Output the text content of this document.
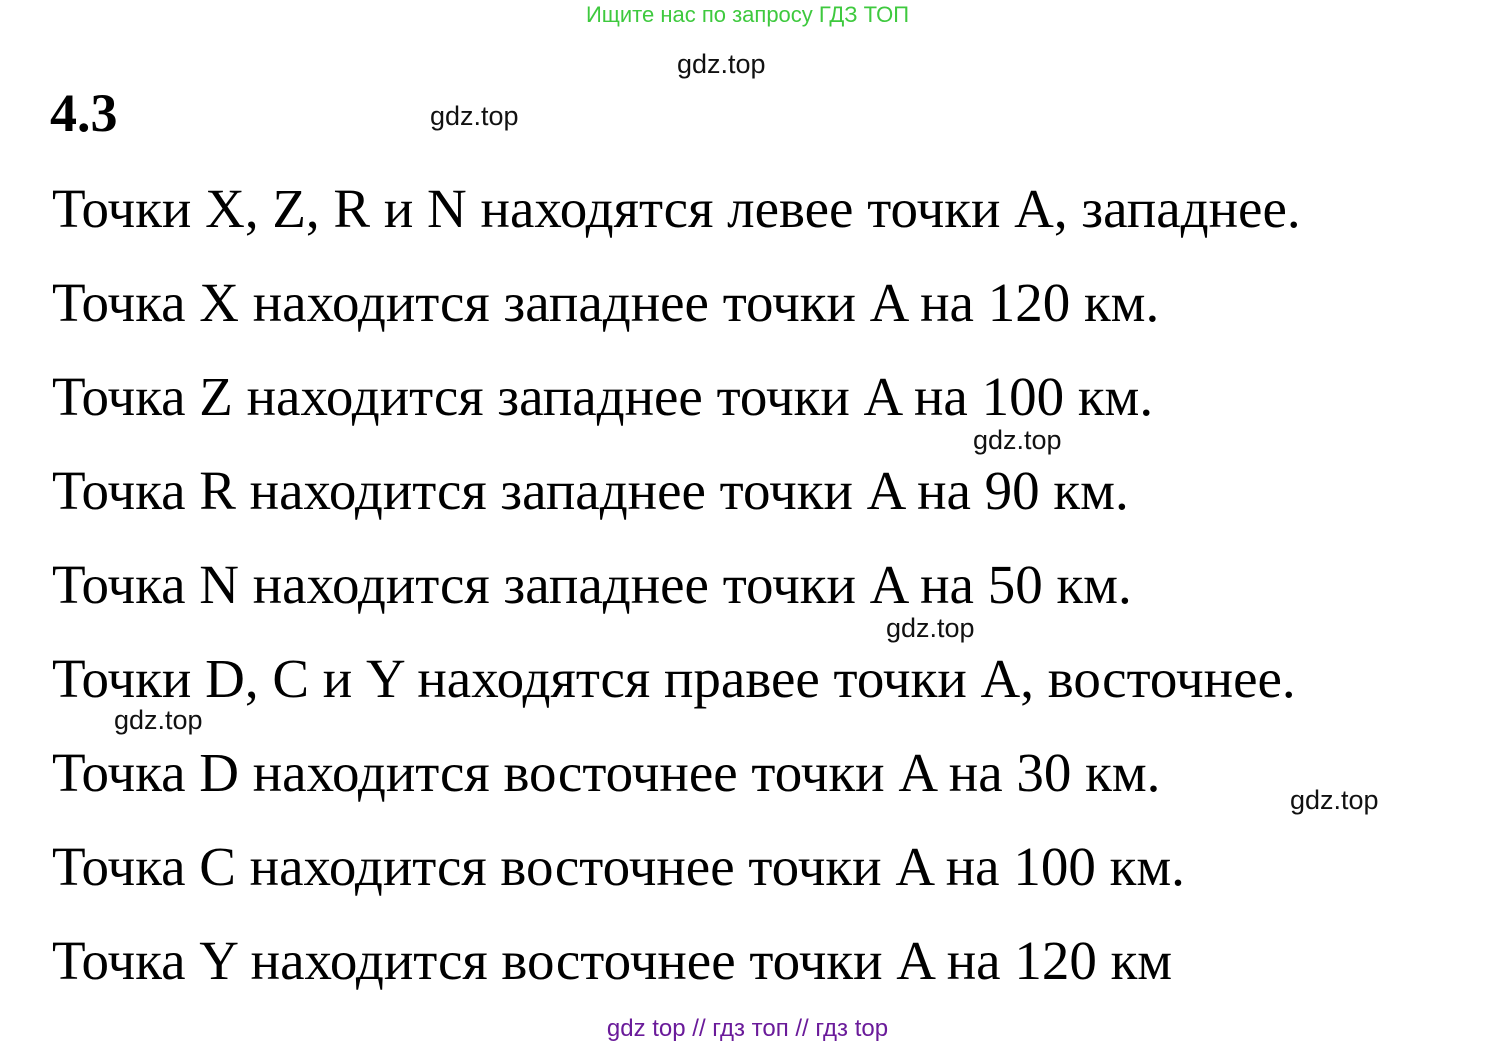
Ищите нас по запросу ГДЗ ТОП
gdz.top
gdz.top
4.3
Точки X, Z, R и N находятся левее точки A, западнее.
Точка X находится западнее точки A на 120 км.
Точка Z находится западнее точки A на 100 км.
gdz.top
Точка R находится западнее точки A на 90 км.
Точка N находится западнее точки A на 50 км.
gdz.top
Точки D, C и Y находятся правее точки A, восточнее.
gdz.top
Точка D находится восточнее точки A на 30 км.	gdz.top
Точка C находится восточнее точки A на 100 км.
Точка Y находится восточнее точки A на 120 км
gdz top // гдз топ // гдз top
